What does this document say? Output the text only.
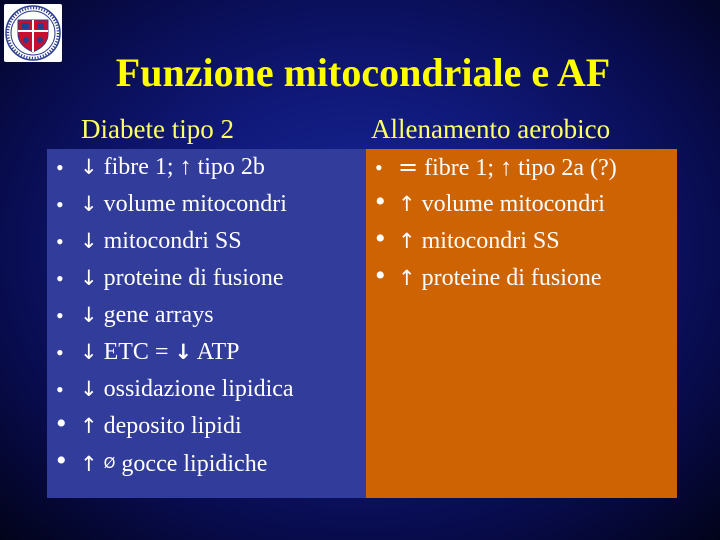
Funzione mitocondriale e AF
Diabete tipo 2	Allenamento aerobico
• ↓ fibre 1; ↑ tipo 2b
• ↓ volume mitocondri
• ↓ mitocondri SS
• ↓ proteine di fusione
• ↓ gene arrays
• ↓ ETC = ↓ ATP
• ↓ ossidazione lipidica
• ↑ deposito lipidi
• ↑ Ø gocce lipidiche
• = fibre 1; ↑ tipo 2a (?)
• ↑ volume mitocondri
• ↑ mitocondri SS
• ↑ proteine di fusione
